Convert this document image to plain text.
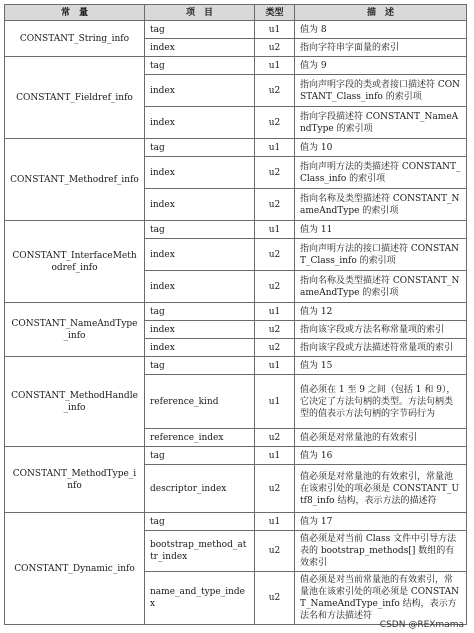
常　量	项　目	类型	描　述
CONSTANT_String_info	tag	u1	值为 8
	index	u2	指向字符串字面量的索引
CONSTANT_Fieldref_info	tag	u1	值为 9
	index	u2	指向声明字段的类或者接口描述符 CONSTANT_Class_info 的索引项
	index	u2	指向字段描述符 CONSTANT_NameAndType 的索引项
CONSTANT_Methodref_info	tag	u1	值为 10
	index	u2	指向声明方法的类描述符 CONSTANT_Class_info 的索引项
	index	u2	指向名称及类型描述符 CONSTANT_NameAndType 的索引项
CONSTANT_InterfaceMethodref_info	tag	u1	值为 11
	index	u2	指向声明方法的接口描述符 CONSTANT_Class_info 的索引项
	index	u2	指向名称及类型描述符 CONSTANT_NameAndType 的索引项
CONSTANT_NameAndType_info	tag	u1	值为 12
	index	u2	指向该字段或方法名称常量项的索引
	index	u2	指向该字段或方法描述符常量项的索引
CONSTANT_MethodHandle_info	tag	u1	值为 15
	reference_kind	u1	值必须在 1 至 9 之间（包括 1 和 9），它决定了方法句柄的类型。方法句柄类型的值表示方法句柄的字节码行为
	reference_index	u2	值必须是对常量池的有效索引
CONSTANT_MethodType_info	tag	u1	值为 16
	descriptor_index	u2	值必须是对常量池的有效索引，常量池在该索引处的项必须是 CONSTANT_Utf8_info 结构，表示方法的描述符
CONSTANT_Dynamic_info	tag	u1	值为 17
	bootstrap_method_attr_index	u2	值必须是对当前 Class 文件中引导方法表的 bootstrap_methods[] 数组的有效索引
	name_and_type_index	u2	值必须是对当前常量池的有效索引，常量池在该索引处的项必须是 CONSTANT_NameAndType_info 结构，表示方法名和方法描述符
CSDN @REXmama
